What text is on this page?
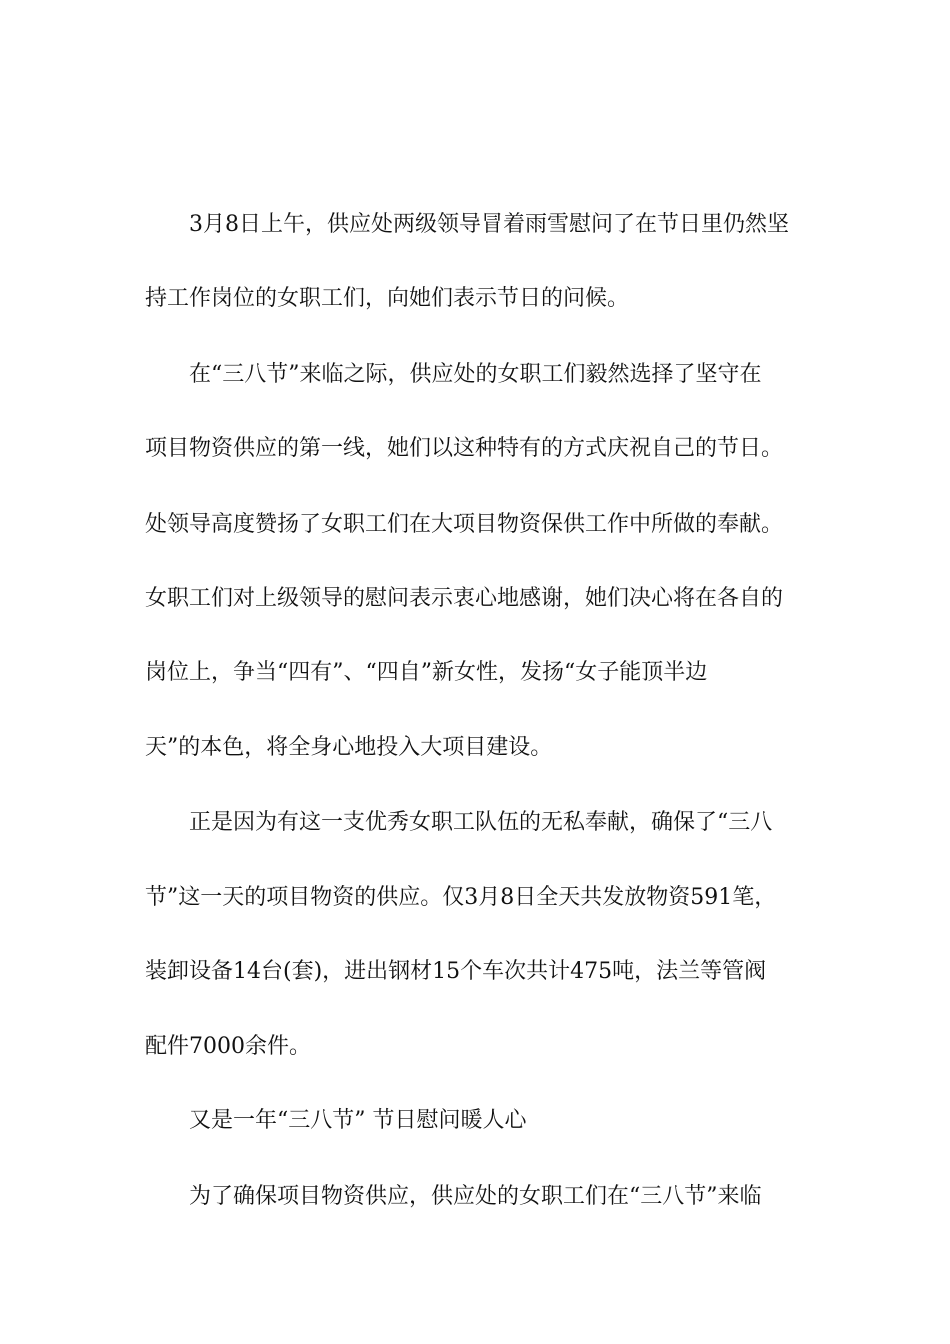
3月8日上午，供应处两级领导冒着雨雪慰问了在节日里仍然坚
持工作岗位的女职工们，向她们表示节日的问候。
在“三八节”来临之际，供应处的女职工们毅然选择了坚守在
项目物资供应的第一线，她们以这种特有的方式庆祝自己的节日。
处领导高度赞扬了女职工们在大项目物资保供工作中所做的奉献。
女职工们对上级领导的慰问表示衷心地感谢，她们决心将在各自的
岗位上，争当“四有”、“四自”新女性，发扬“女子能顶半边
天”的本色，将全身心地投入大项目建设。
正是因为有这一支优秀女职工队伍的无私奉献，确保了“三八
节”这一天的项目物资的供应。仅3月8日全天共发放物资591笔，
装卸设备14台(套)，进出钢材15个车次共计475吨，法兰等管阀
配件7000余件。
又是一年“三八节” 节日慰问暖人心
为了确保项目物资供应，供应处的女职工们在“三八节”来临
